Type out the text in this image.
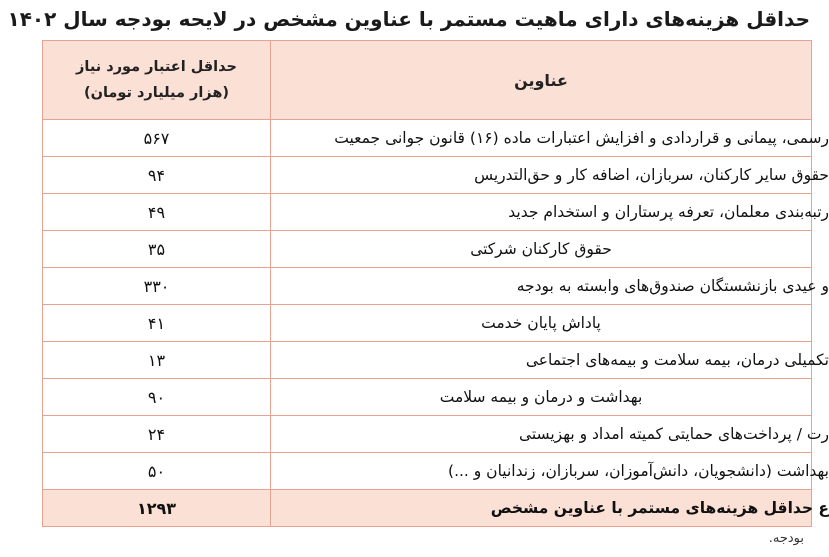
حداقل هزینه‌های دارای ماهیت مستمر با عناوین مشخص در لایحه بودجه سال ۱۴۰۲
حداقل اعتبار مورد نیاز
(هزار میلیارد تومان)	عناوین
۵۶۷	رسمی، پیمانی و قراردادی و افزایش اعتبارات ماده (۱۶) قانون جوانی جمعیت
۹۴	حقوق سایر کارکنان، سربازان، اضافه کار و حق‌التدریس
۴۹	رتبه‌بندی معلمان، تعرفه پرستاران و استخدام جدید
۳۵	حقوق کارکنان شرکتی
۳۳۰	و عیدی بازنشستگان صندوق‌های وابسته به بودجه
۴۱	پاداش پایان خدمت
۱۳	تکمیلی درمان، بیمه سلامت و بیمه‌های اجتماعی
۹۰	بهداشت و درمان و بیمه سلامت
۲۴	رت / پرداخت‌های حمایتی کمیته امداد و بهزیستی
۵۰	بهداشت (دانشجویان، دانش‌آموزان، سربازان، زندانیان و ...)
۱۲۹۳	ع حداقل هزینه‌های مستمر با عناوین مشخص
بودجه.
